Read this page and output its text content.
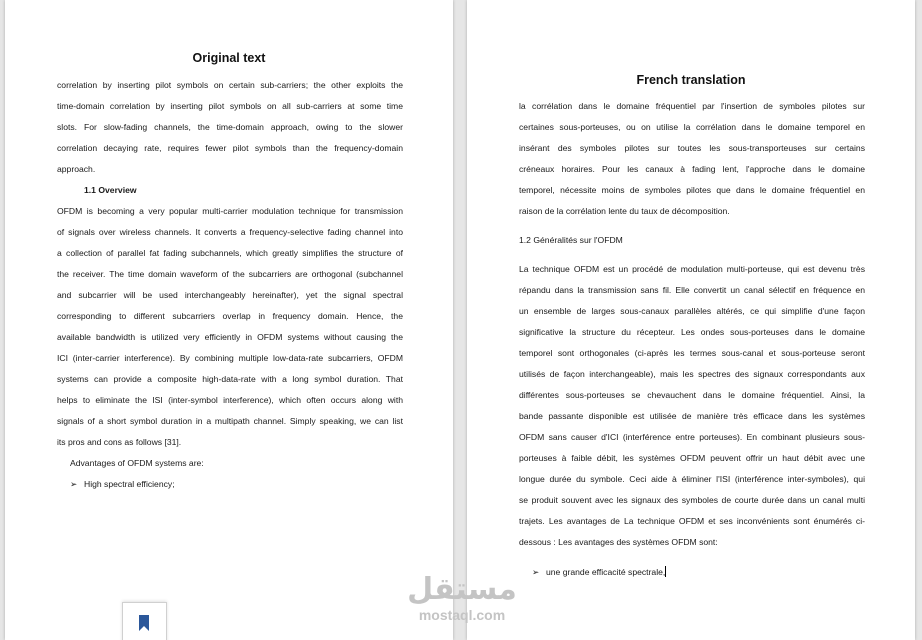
Original text
correlation by inserting pilot symbols on certain sub-carriers; the other exploits the
time-domain correlation by inserting pilot symbols on all sub-carriers at some time
slots. For slow-fading channels, the time-domain approach, owing to the slower
correlation decaying rate, requires fewer pilot symbols than the frequency-domain
approach.
1.1 Overview
OFDM is becoming a very popular multi-carrier modulation technique for transmission
of signals over wireless channels. It converts a frequency-selective fading channel into
a collection of parallel fat fading subchannels, which greatly simplifies the structure of
the receiver. The time domain waveform of the subcarriers are orthogonal (subchannel
and subcarrier will be used interchangeably hereinafter), yet the signal spectral
corresponding to different subcarriers overlap in frequency domain. Hence, the
available bandwidth is utilized very efficiently in OFDM systems without causing the
ICI (inter-carrier interference). By combining multiple low-data-rate subcarriers, OFDM
systems can provide a composite high-data-rate with a long symbol duration. That
helps to eliminate the ISI (inter-symbol interference), which often occurs along with
signals of a short symbol duration in a multipath channel. Simply speaking, we can list
its pros and cons as follows [31].
Advantages of OFDM systems are:
➢ High spectral efficiency;
French translation
la corrélation dans le domaine fréquentiel par l'insertion de symboles pilotes sur
certaines sous-porteuses, ou on utilise la corrélation dans le domaine temporel en
insérant des symboles pilotes sur toutes les sous-transporteuses sur certains
créneaux horaires. Pour les canaux à fading lent, l'approche dans le domaine
temporel, nécessite moins de symboles pilotes que dans le domaine fréquentiel en
raison de la corrélation lente du taux de décomposition.
1.2 Généralités sur l'OFDM
La technique OFDM est un procédé de modulation multi-porteuse, qui est devenu très
répandu dans la transmission sans fil. Elle convertit un canal sélectif en fréquence en
un ensemble de larges sous-canaux parallèles altérés, ce qui simplifie d'une façon
significative la structure du récepteur. Les ondes sous-porteuses dans le domaine
temporel sont orthogonales (ci-après les termes sous-canal et sous-porteuse seront
utilisés de façon interchangeable), mais les spectres des signaux correspondants aux
différentes sous-porteuses se chevauchent dans le domaine fréquentiel. Ainsi, la
bande passante disponible est utilisée de manière très efficace dans les systèmes
OFDM sans causer d'ICI (interférence entre porteuses). En combinant plusieurs sous-
porteuses à faible débit, les systèmes OFDM peuvent offrir un haut débit avec une
longue durée du symbole. Ceci aide à éliminer l'ISI (interférence inter-symboles), qui
se produit souvent avec les signaux des symboles de courte durée dans un canal multi
trajets. Les avantages de La technique OFDM et ses inconvénients sont énumérés ci-
dessous : Les avantages des systèmes OFDM sont:
➢ une grande efficacité spectrale,
مستقل
mostaql.com
